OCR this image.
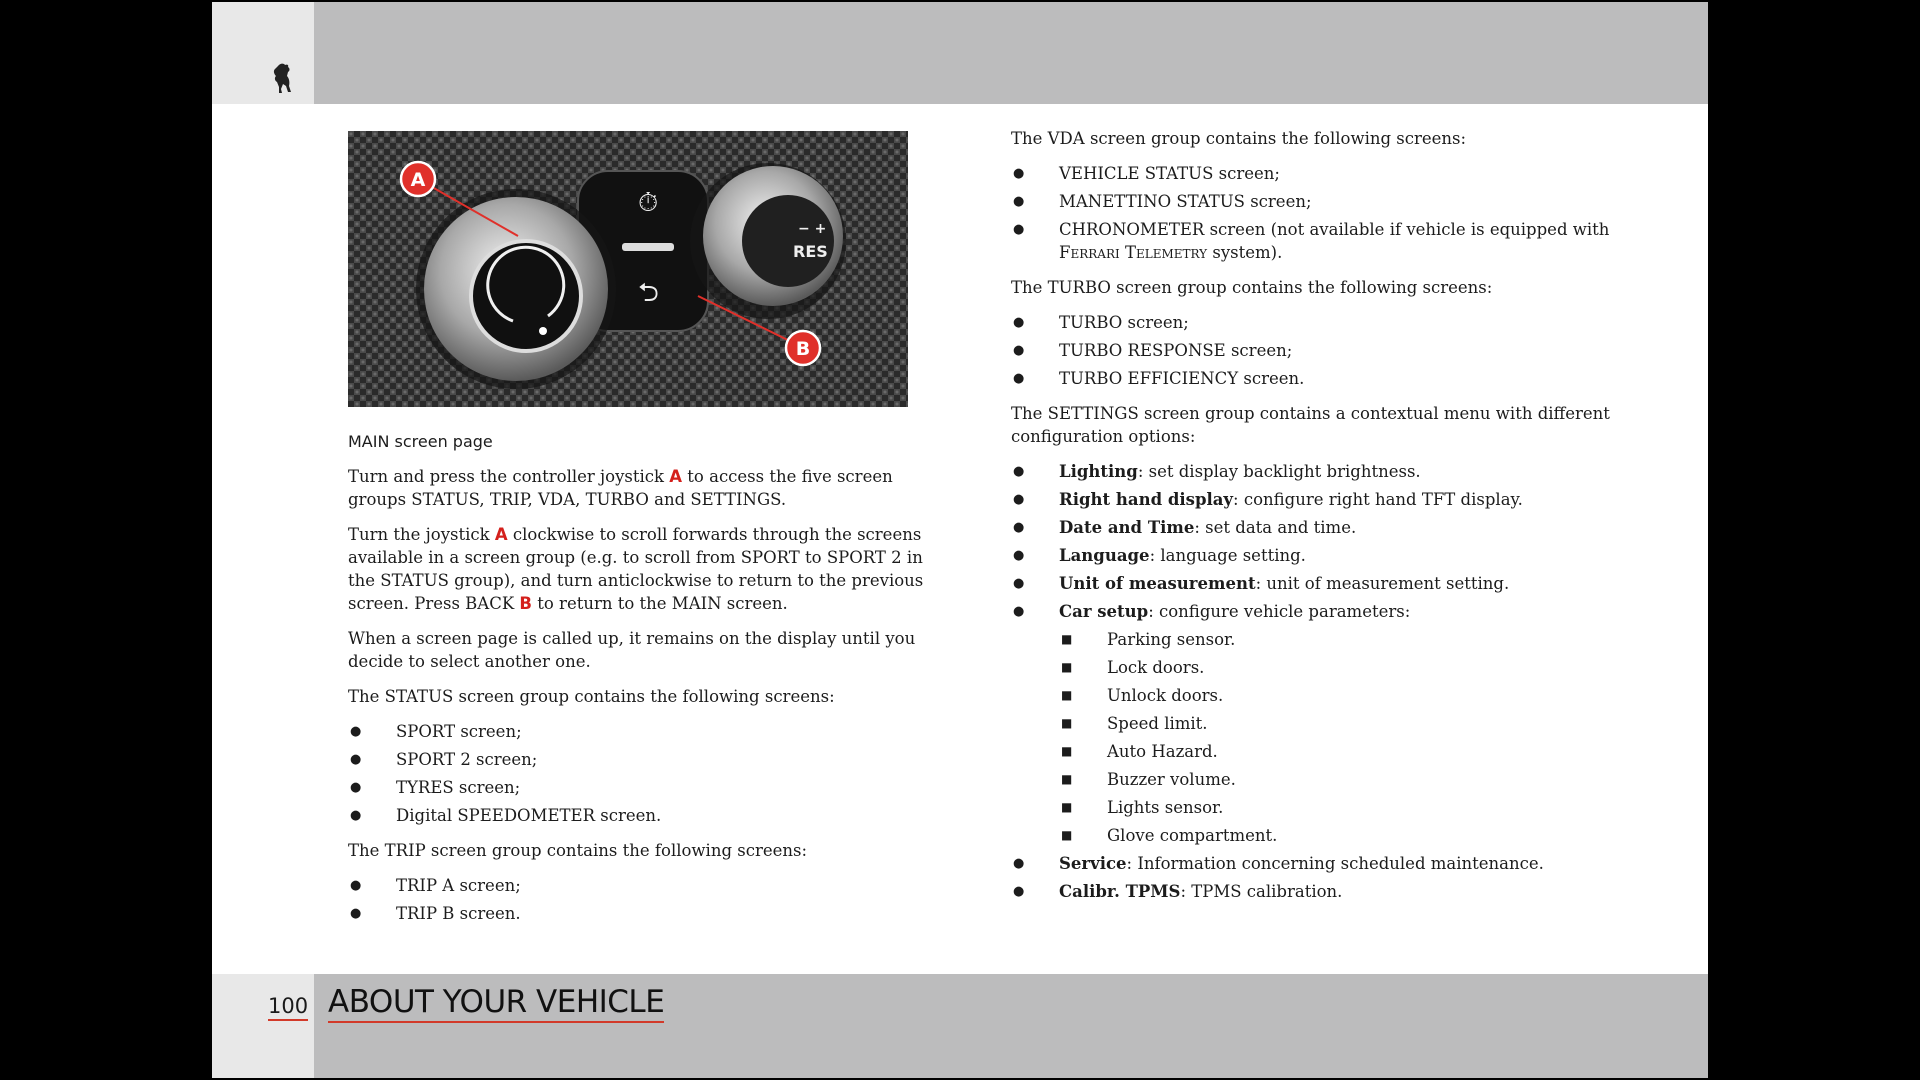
RES
− +
⏱
⮌
A
B
MAIN screen page

Turn and press the controller joystick A to access the five screen groups STATUS, TRIP, VDA, TURBO and SETTINGS.

Turn the joystick A clockwise to scroll forwards through the screens available in a screen group (e.g. to scroll from SPORT to SPORT 2 in the STATUS group), and turn anticlockwise to return to the previous screen. Press BACK B to return to the MAIN screen.

When a screen page is called up, it remains on the display until you decide to select another one.

The STATUS screen group contains the following screens:

● SPORT screen;
● SPORT 2 screen;
● TYRES screen;
● Digital SPEEDOMETER screen.

The TRIP screen group contains the following screens:

● TRIP A screen;
● TRIP B screen.

The VDA screen group contains the following screens:

● VEHICLE STATUS screen;
● MANETTINO STATUS screen;
● CHRONOMETER screen (not available if vehicle is equipped with Ferrari Telemetry system).

The TURBO screen group contains the following screens:

● TURBO screen;
● TURBO RESPONSE screen;
● TURBO EFFICIENCY screen.

The SETTINGS screen group contains a contextual menu with different configuration options:

● Lighting: set display backlight brightness.
● Right hand display: configure right hand TFT display.
● Date and Time: set data and time.
● Language: language setting.
● Unit of measurement: unit of measurement setting.
● Car setup: configure vehicle parameters:
■ Parking sensor.
■ Lock doors.
■ Unlock doors.
■ Speed limit.
■ Auto Hazard.
■ Buzzer volume.
■ Lights sensor.
■ Glove compartment.
● Service: Information concerning scheduled maintenance.
● Calibr. TPMS: TPMS calibration.
100 ABOUT YOUR VEHICLE
